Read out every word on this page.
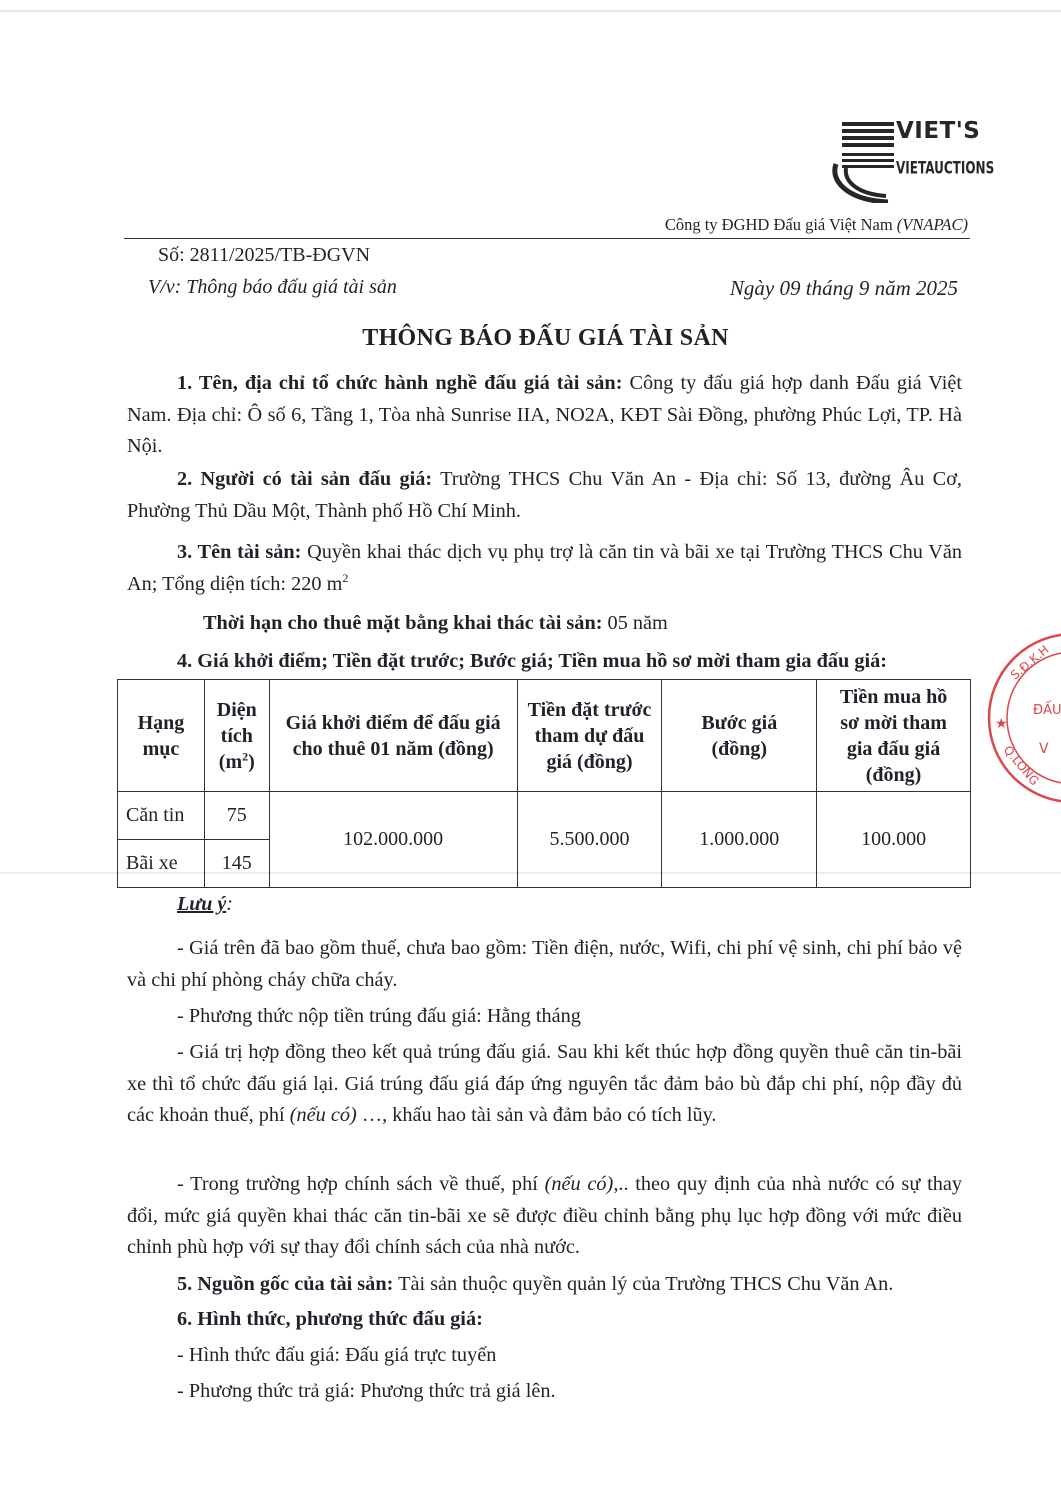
VIET'S
VIETAUCTIONS
Công ty ĐGHD Đấu giá Việt Nam (VNAPAC)
Số: 2811/2025/TB-ĐGVN
V/v: Thông báo đấu giá tài sản	Ngày 09 tháng 9 năm 2025
THÔNG BÁO ĐẤU GIÁ TÀI SẢN
1. Tên, địa chỉ tổ chức hành nghề đấu giá tài sản: Công ty đấu giá hợp danh Đấu giá Việt Nam. Địa chỉ: Ô số 6, Tầng 1, Tòa nhà Sunrise IIA, NO2A, KĐT Sài Đồng, phường Phúc Lợi, TP. Hà Nội.
2. Người có tài sản đấu giá: Trường THCS Chu Văn An - Địa chỉ: Số 13, đường Âu Cơ, Phường Thủ Dầu Một, Thành phố Hồ Chí Minh.
3. Tên tài sản: Quyền khai thác dịch vụ phụ trợ là căn tin và bãi xe tại Trường THCS Chu Văn An; Tổng diện tích: 220 $m^2$
Thời hạn cho thuê mặt bằng khai thác tài sản: 05 năm
4. Giá khởi điểm; Tiền đặt trước; Bước giá; Tiền mua hồ sơ mời tham gia đấu giá:
Hạng mục	Diện tích $(m^2)$	Giá khởi điểm để đấu giá cho thuê 01 năm (đồng)	Tiền đặt trước tham dự đấu giá (đồng)	Bước giá (đồng)	Tiền mua hồ sơ mời tham gia đấu giá (đồng)

Căn tin	75	102.000.000	5.500.000	1.000.000	100.000
Bãi xe	145				
Lưu ý:
- Giá trên đã bao gồm thuế, chưa bao gồm: Tiền điện, nước, Wifi, chi phí vệ sinh, chi phí bảo vệ và chi phí phòng cháy chữa cháy.
- Phương thức nộp tiền trúng đấu giá: Hằng tháng
- Giá trị hợp đồng theo kết quả trúng đấu giá. Sau khi kết thúc hợp đồng quyền thuê căn tin-bãi xe thì tổ chức đấu giá lại. Giá trúng đấu giá đáp ứng nguyên tắc đảm bảo bù đắp chi phí, nộp đầy đủ các khoản thuế, phí (nếu có) …, khấu hao tài sản và đảm bảo có tích lũy.
- Trong trường hợp chính sách về thuế, phí (nếu có),.. theo quy định của nhà nước có sự thay đổi, mức giá quyền khai thác căn tin-bãi xe sẽ được điều chỉnh bằng phụ lục hợp đồng với mức điều chỉnh phù hợp với sự thay đổi chính sách của nhà nước.
5. Nguồn gốc của tài sản: Tài sản thuộc quyền quản lý của Trường THCS Chu Văn An.
6. Hình thức, phương thức đấu giá:
- Hình thức đấu giá: Đấu giá trực tuyến
- Phương thức trả giá: Phương thức trả giá lên.
S.Đ.K.H
ĐẤU
★
V
Q.LONG
